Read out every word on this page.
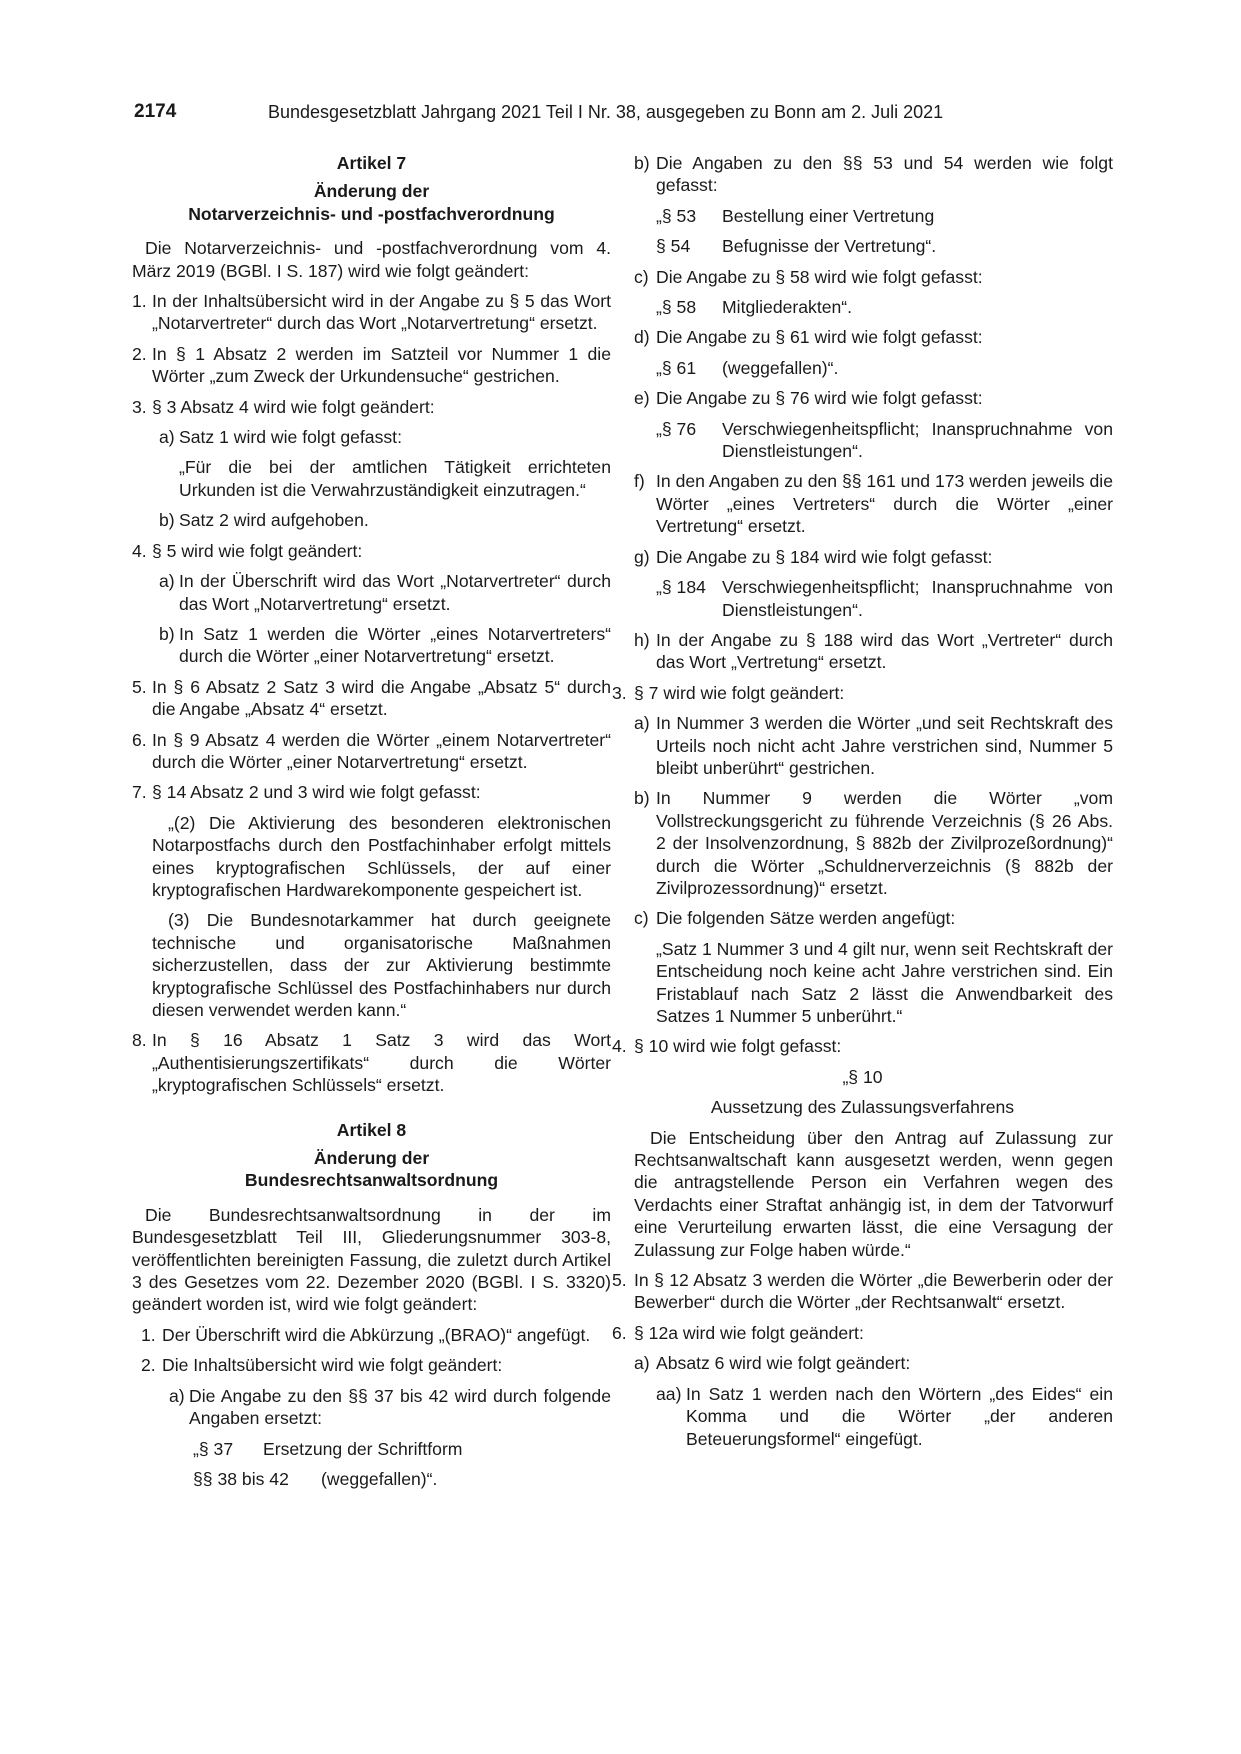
2174	Bundesgesetzblatt Jahrgang 2021 Teil I Nr. 38, ausgegeben zu Bonn am 2. Juli 2021
Artikel 7
Änderung der
Notarverzeichnis- und -postfachverordnung
Die Notarverzeichnis- und -postfachverordnung vom 4. März 2019 (BGBl. I S. 187) wird wie folgt geändert:
1. In der Inhaltsübersicht wird in der Angabe zu § 5 das Wort „Notarvertreter“ durch das Wort „Notarvertretung“ ersetzt.
2. In § 1 Absatz 2 werden im Satzteil vor Nummer 1 die Wörter „zum Zweck der Urkundensuche“ gestrichen.
3. § 3 Absatz 4 wird wie folgt geändert:
a) Satz 1 wird wie folgt gefasst:
„Für die bei der amtlichen Tätigkeit errichteten Urkunden ist die Verwahrzuständigkeit einzutragen.“
b) Satz 2 wird aufgehoben.
4. § 5 wird wie folgt geändert:
a) In der Überschrift wird das Wort „Notarvertreter“ durch das Wort „Notarvertretung“ ersetzt.
b) In Satz 1 werden die Wörter „eines Notarvertreters“ durch die Wörter „einer Notarvertretung“ ersetzt.
5. In § 6 Absatz 2 Satz 3 wird die Angabe „Absatz 5“ durch die Angabe „Absatz 4“ ersetzt.
6. In § 9 Absatz 4 werden die Wörter „einem Notarvertreter“ durch die Wörter „einer Notarvertretung“ ersetzt.
7. § 14 Absatz 2 und 3 wird wie folgt gefasst:
„(2) Die Aktivierung des besonderen elektronischen Notarpostfachs durch den Postfachinhaber erfolgt mittels eines kryptografischen Schlüssels, der auf einer kryptografischen Hardwarekomponente gespeichert ist.
(3) Die Bundesnotarkammer hat durch geeignete technische und organisatorische Maßnahmen sicherzustellen, dass der zur Aktivierung bestimmte kryptografische Schlüssel des Postfachinhabers nur durch diesen verwendet werden kann.“
8. In § 16 Absatz 1 Satz 3 wird das Wort „Authentisierungszertifikats“ durch die Wörter „kryptografischen Schlüssels“ ersetzt.
Artikel 8
Änderung der
Bundesrechtsanwaltsordnung
Die Bundesrechtsanwaltsordnung in der im Bundesgesetzblatt Teil III, Gliederungsnummer 303-8, veröffentlichten bereinigten Fassung, die zuletzt durch Artikel 3 des Gesetzes vom 22. Dezember 2020 (BGBl. I S. 3320) geändert worden ist, wird wie folgt geändert:
1. Der Überschrift wird die Abkürzung „(BRAO)“ angefügt.
2. Die Inhaltsübersicht wird wie folgt geändert:
a) Die Angabe zu den §§ 37 bis 42 wird durch folgende Angaben ersetzt:
„§ 37	Ersetzung der Schriftform
§§ 38 bis 42	(weggefallen)“.
b) Die Angaben zu den §§ 53 und 54 werden wie folgt gefasst:
„§ 53	Bestellung einer Vertretung
§ 54	Befugnisse der Vertretung“.
c) Die Angabe zu § 58 wird wie folgt gefasst:
„§ 58	Mitgliederakten“.
d) Die Angabe zu § 61 wird wie folgt gefasst:
„§ 61	(weggefallen)“.
e) Die Angabe zu § 76 wird wie folgt gefasst:
„§ 76	Verschwiegenheitspflicht; Inanspruchnahme von Dienstleistungen“.
f) In den Angaben zu den §§ 161 und 173 werden jeweils die Wörter „eines Vertreters“ durch die Wörter „einer Vertretung“ ersetzt.
g) Die Angabe zu § 184 wird wie folgt gefasst:
„§ 184 Verschwiegenheitspflicht; Inanspruchnahme von Dienstleistungen“.
h) In der Angabe zu § 188 wird das Wort „Vertreter“ durch das Wort „Vertretung“ ersetzt.
3. § 7 wird wie folgt geändert:
a) In Nummer 3 werden die Wörter „und seit Rechtskraft des Urteils noch nicht acht Jahre verstrichen sind, Nummer 5 bleibt unberührt“ gestrichen.
b) In Nummer 9 werden die Wörter „vom Vollstreckungsgericht zu führende Verzeichnis (§ 26 Abs. 2 der Insolvenzordnung, § 882b der Zivilprozeßordnung)“ durch die Wörter „Schuldnerverzeichnis (§ 882b der Zivilprozessordnung)“ ersetzt.
c) Die folgenden Sätze werden angefügt:
„Satz 1 Nummer 3 und 4 gilt nur, wenn seit Rechtskraft der Entscheidung noch keine acht Jahre verstrichen sind. Ein Fristablauf nach Satz 2 lässt die Anwendbarkeit des Satzes 1 Nummer 5 unberührt.“
4. § 10 wird wie folgt gefasst:
„§ 10
Aussetzung des Zulassungsverfahrens
Die Entscheidung über den Antrag auf Zulassung zur Rechtsanwaltschaft kann ausgesetzt werden, wenn gegen die antragstellende Person ein Verfahren wegen des Verdachts einer Straftat anhängig ist, in dem der Tatvorwurf eine Verurteilung erwarten lässt, die eine Versagung der Zulassung zur Folge haben würde.“
5. In § 12 Absatz 3 werden die Wörter „die Bewerberin oder der Bewerber“ durch die Wörter „der Rechtsanwalt“ ersetzt.
6. § 12a wird wie folgt geändert:
a) Absatz 6 wird wie folgt geändert:
aa) In Satz 1 werden nach den Wörtern „des Eides“ ein Komma und die Wörter „der anderen Beteuerungsformel“ eingefügt.
